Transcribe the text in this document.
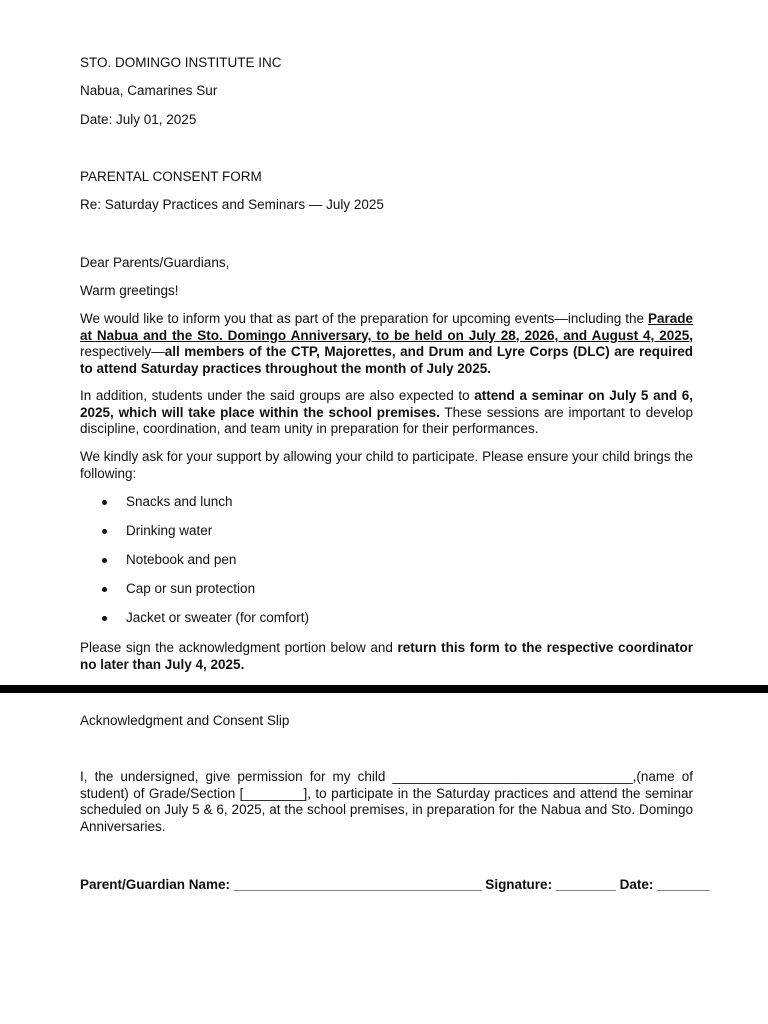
STO. DOMINGO INSTITUTE INC

Nabua, Camarines Sur

Date: July 01, 2025

PARENTAL CONSENT FORM

Re: Saturday Practices and Seminars — July 2025

Dear Parents/Guardians,

Warm greetings!

We would like to inform you that as part of the preparation for upcoming events—including the Parade at Nabua and the Sto. Domingo Anniversary, to be held on July 28, 2026, and August 4, 2025, respectively—all members of the CTP, Majorettes, and Drum and Lyre Corps (DLC) are required to attend Saturday practices throughout the month of July 2025.

In addition, students under the said groups are also expected to attend a seminar on July 5 and 6, 2025, which will take place within the school premises. These sessions are important to develop discipline, coordination, and team unity in preparation for their performances.

We kindly ask for your support by allowing your child to participate. Please ensure your child brings the following:

Snacks and lunch
Drinking water
Notebook and pen
Cap or sun protection
Jacket or sweater (for comfort)

Please sign the acknowledgment portion below and return this form to the respective coordinator no later than July 4, 2025.

Acknowledgment and Consent Slip

I, the undersigned, give permission for my child ________________________________,(name of student) of Grade/Section [________], to participate in the Saturday practices and attend the seminar scheduled on July 5 & 6, 2025, at the school premises, in preparation for the Nabua and Sto. Domingo Anniversaries.

Parent/Guardian Name: _________________________________ Signature: ________ Date: _______
